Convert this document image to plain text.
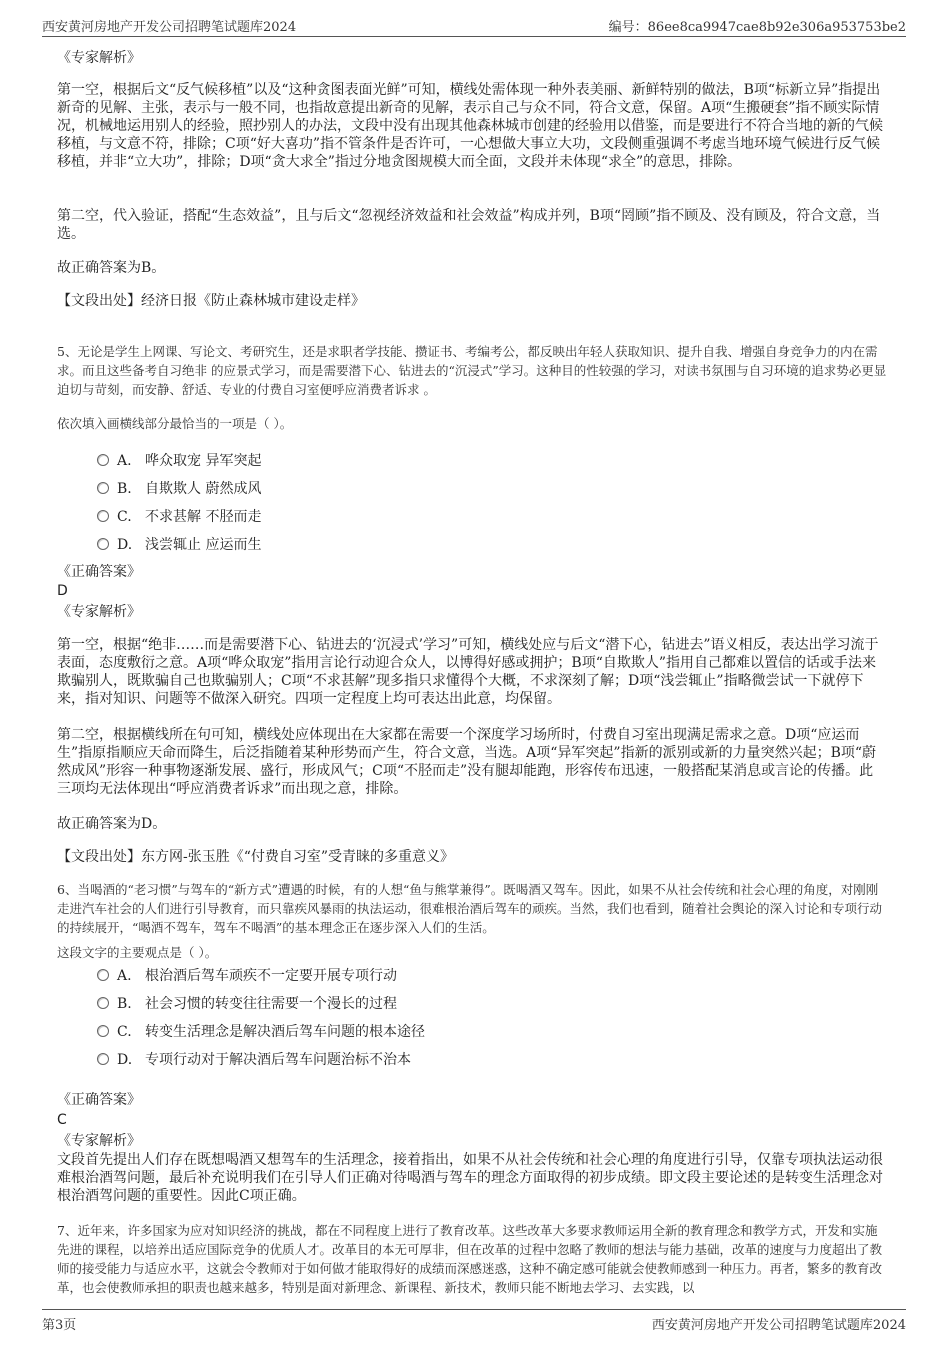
西安黄河房地产开发公司招聘笔试题库2024	编号：86ee8ca9947cae8b92e306a953753be2
《专家解析》
第一空，根据后文“反气候移植”以及“这种贪图表面光鲜”可知，横线处需体现一种外表美丽、新鲜特别的做法，B项“标新立异”指提出新奇的见解、主张，表示与一般不同，也指故意提出新奇的见解，表示自己与众不同，符合文意，保留。A项“生搬硬套”指不顾实际情况，机械地运用别人的经验，照抄别人的办法，文段中没有出现其他森林城市创建的经验用以借鉴，而是要进行不符合当地的新的气候移植，与文意不符，排除；C项“好大喜功”指不管条件是否许可，一心想做大事立大功，文段侧重强调不考虑当地环境气候进行反气候移植，并非“立大功”，排除；D项“贪大求全”指过分地贪图规模大而全面，文段并未体现“求全”的意思，排除。
第二空，代入验证，搭配“生态效益”，且与后文“忽视经济效益和社会效益”构成并列，B项“罔顾”指不顾及、没有顾及，符合文意，当选。
故正确答案为B。
【文段出处】经济日报《防止森林城市建设走样》
5、无论是学生上网课、写论文、考研究生，还是求职者学技能、攒证书、考编考公，都反映出年轻人获取知识、提升自我、增强自身竞争力的内在需求。而且这些备考自习绝非 的应景式学习，而是需要潜下心、钻进去的“沉浸式”学习。这种目的性较强的学习，对读书氛围与自习环境的追求势必更显迫切与苛刻，而安静、舒适、专业的付费自习室便呼应消费者诉求 。
依次填入画横线部分最恰当的一项是（ ）。
A. 哗众取宠 异军突起
B. 自欺欺人 蔚然成风
C. 不求甚解 不胫而走
D. 浅尝辄止 应运而生
《正确答案》
D
《专家解析》
第一空，根据“绝非……而是需要潜下心、钻进去的‘沉浸式’学习”可知，横线处应与后文“潜下心，钻进去”语义相反，表达出学习流于表面，态度敷衍之意。A项“哗众取宠”指用言论行动迎合众人，以博得好感或拥护；B项“自欺欺人”指用自己都难以置信的话或手法来欺骗别人，既欺骗自己也欺骗别人；C项“不求甚解”现多指只求懂得个大概，不求深刻了解；D项“浅尝辄止”指略微尝试一下就停下来，指对知识、问题等不做深入研究。四项一定程度上均可表达出此意，均保留。
第二空，根据横线所在句可知，横线处应体现出在大家都在需要一个深度学习场所时，付费自习室出现满足需求之意。D项“应运而生”指原指顺应天命而降生，后泛指随着某种形势而产生，符合文意，当选。A项“异军突起”指新的派别或新的力量突然兴起；B项“蔚然成风”形容一种事物逐渐发展、盛行，形成风气；C项“不胫而走”没有腿却能跑，形容传布迅速，一般搭配某消息或言论的传播。此三项均无法体现出“呼应消费者诉求”而出现之意，排除。
故正确答案为D。
【文段出处】东方网-张玉胜《“付费自习室”受青睐的多重意义》
6、当喝酒的“老习惯”与驾车的“新方式”遭遇的时候，有的人想“鱼与熊掌兼得”。既喝酒又驾车。因此，如果不从社会传统和社会心理的角度，对刚刚走进汽车社会的人们进行引导教育，而只靠疾风暴雨的执法运动，很难根治酒后驾车的顽疾。当然，我们也看到，随着社会舆论的深入讨论和专项行动的持续展开，“喝酒不驾车，驾车不喝酒”的基本理念正在逐步深入人们的生活。
这段文字的主要观点是（ ）。
A. 根治酒后驾车顽疾不一定要开展专项行动
B. 社会习惯的转变往往需要一个漫长的过程
C. 转变生活理念是解决酒后驾车问题的根本途径
D. 专项行动对于解决酒后驾车问题治标不治本
《正确答案》
C
《专家解析》
文段首先提出人们存在既想喝酒又想驾车的生活理念，接着指出，如果不从社会传统和社会心理的角度进行引导，仅靠专项执法运动很难根治酒驾问题，最后补充说明我们在引导人们正确对待喝酒与驾车的理念方面取得的初步成绩。即文段主要论述的是转变生活理念对根治酒驾问题的重要性。因此C项正确。
7、近年来，许多国家为应对知识经济的挑战，都在不同程度上进行了教育改革。这些改革大多要求教师运用全新的教育理念和教学方式，开发和实施先进的课程，以培养出适应国际竞争的优质人才。改革目的本无可厚非，但在改革的过程中忽略了教师的想法与能力基础，改革的速度与力度超出了教师的接受能力与适应水平，这就会令教师对于如何做才能取得好的成绩而深感迷惑，这种不确定感可能就会使教师感到一种压力。再者，繁多的教育改革，也会使教师承担的职责也越来越多，特别是面对新理念、新课程、新技术，教师只能不断地去学习、去实践，以
第3页	西安黄河房地产开发公司招聘笔试题库2024
